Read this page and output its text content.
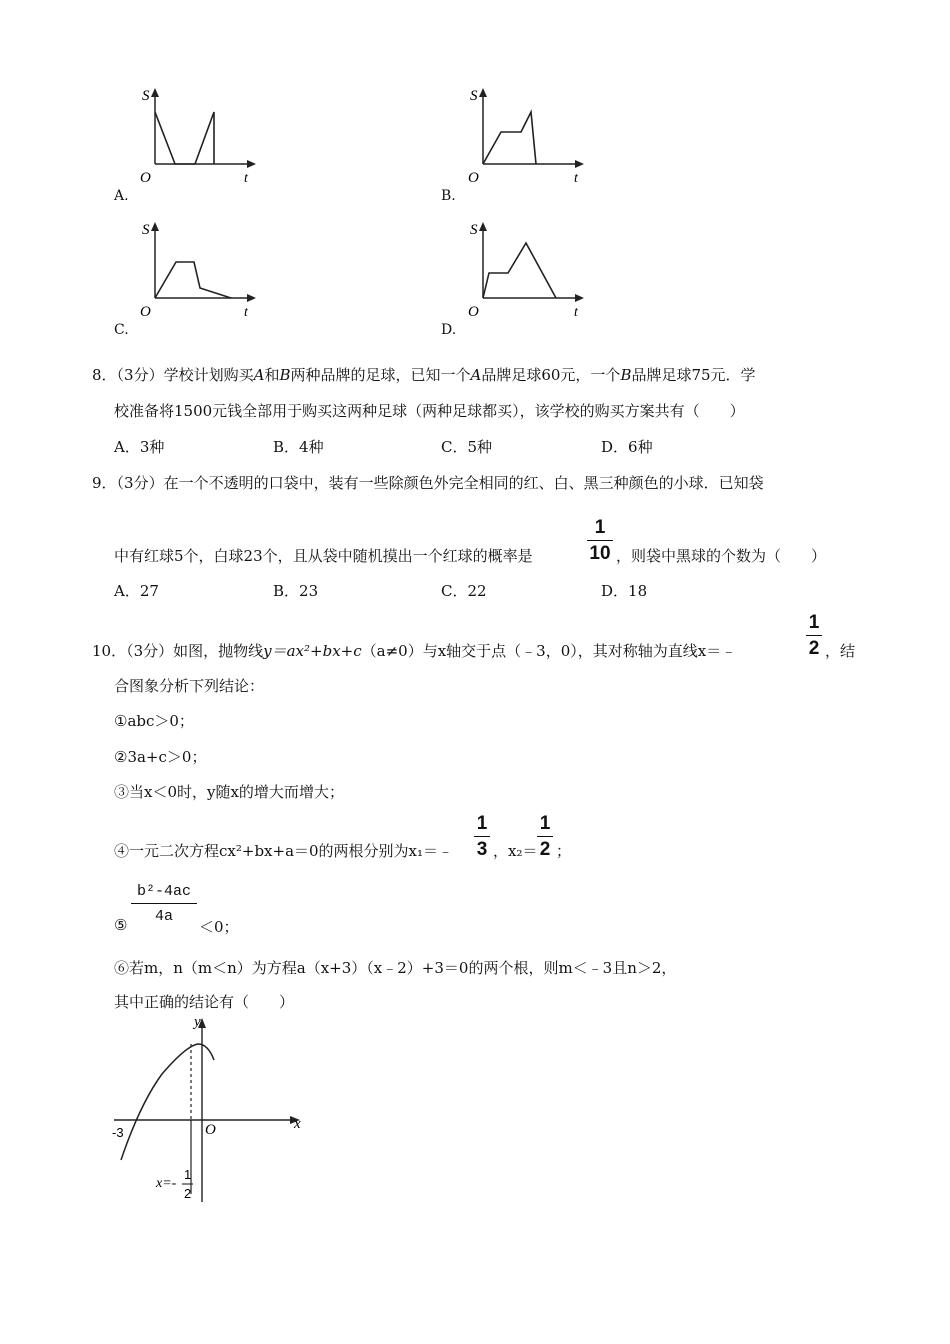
S
t
O
A.
S
t
O
B.
S
t
O
C.
S
t
O
D.
8．（3分）学校计划购买A和B两种品牌的足球，已知一个A品牌足球60元，一个B品牌足球75元．学
校准备将1500元钱全部用于购买这两种足球（两种足球都买），该学校的购买方案共有（　　）
A．3种	B．4种	C．5种	D．6种
9．（3分）在一个不透明的口袋中，装有一些除颜色外完全相同的红、白、黑三种颜色的小球．已知袋
中有红球5个，白球23个，且从袋中随机摸出一个红球的概率是
1
10 ，则袋中黑球的个数为（　　）
A．27	B．23	C．22	D．18
10．（3分）如图，抛物线y＝ax²+bx+c（a≠0）与x轴交于点（﹣3，0），其对称轴为直线x＝﹣
1
2 ，结
合图象分析下列结论：
①abc＞0；
②3a+c＞0；
③当x＜0时，y随x的增大而增大；
④一元二次方程cx²+bx+a＝0的两根分别为x₁＝﹣
1
3 ，x₂＝
1
2 ；
⑤
b²-4ac
4a
＜0；
⑥若m，n（m＜n）为方程a（x+3）（x﹣2）+3＝0的两个根，则m＜﹣3且n＞2，
其中正确的结论有（　　）
y
x
O
-3
x=-
1
2
